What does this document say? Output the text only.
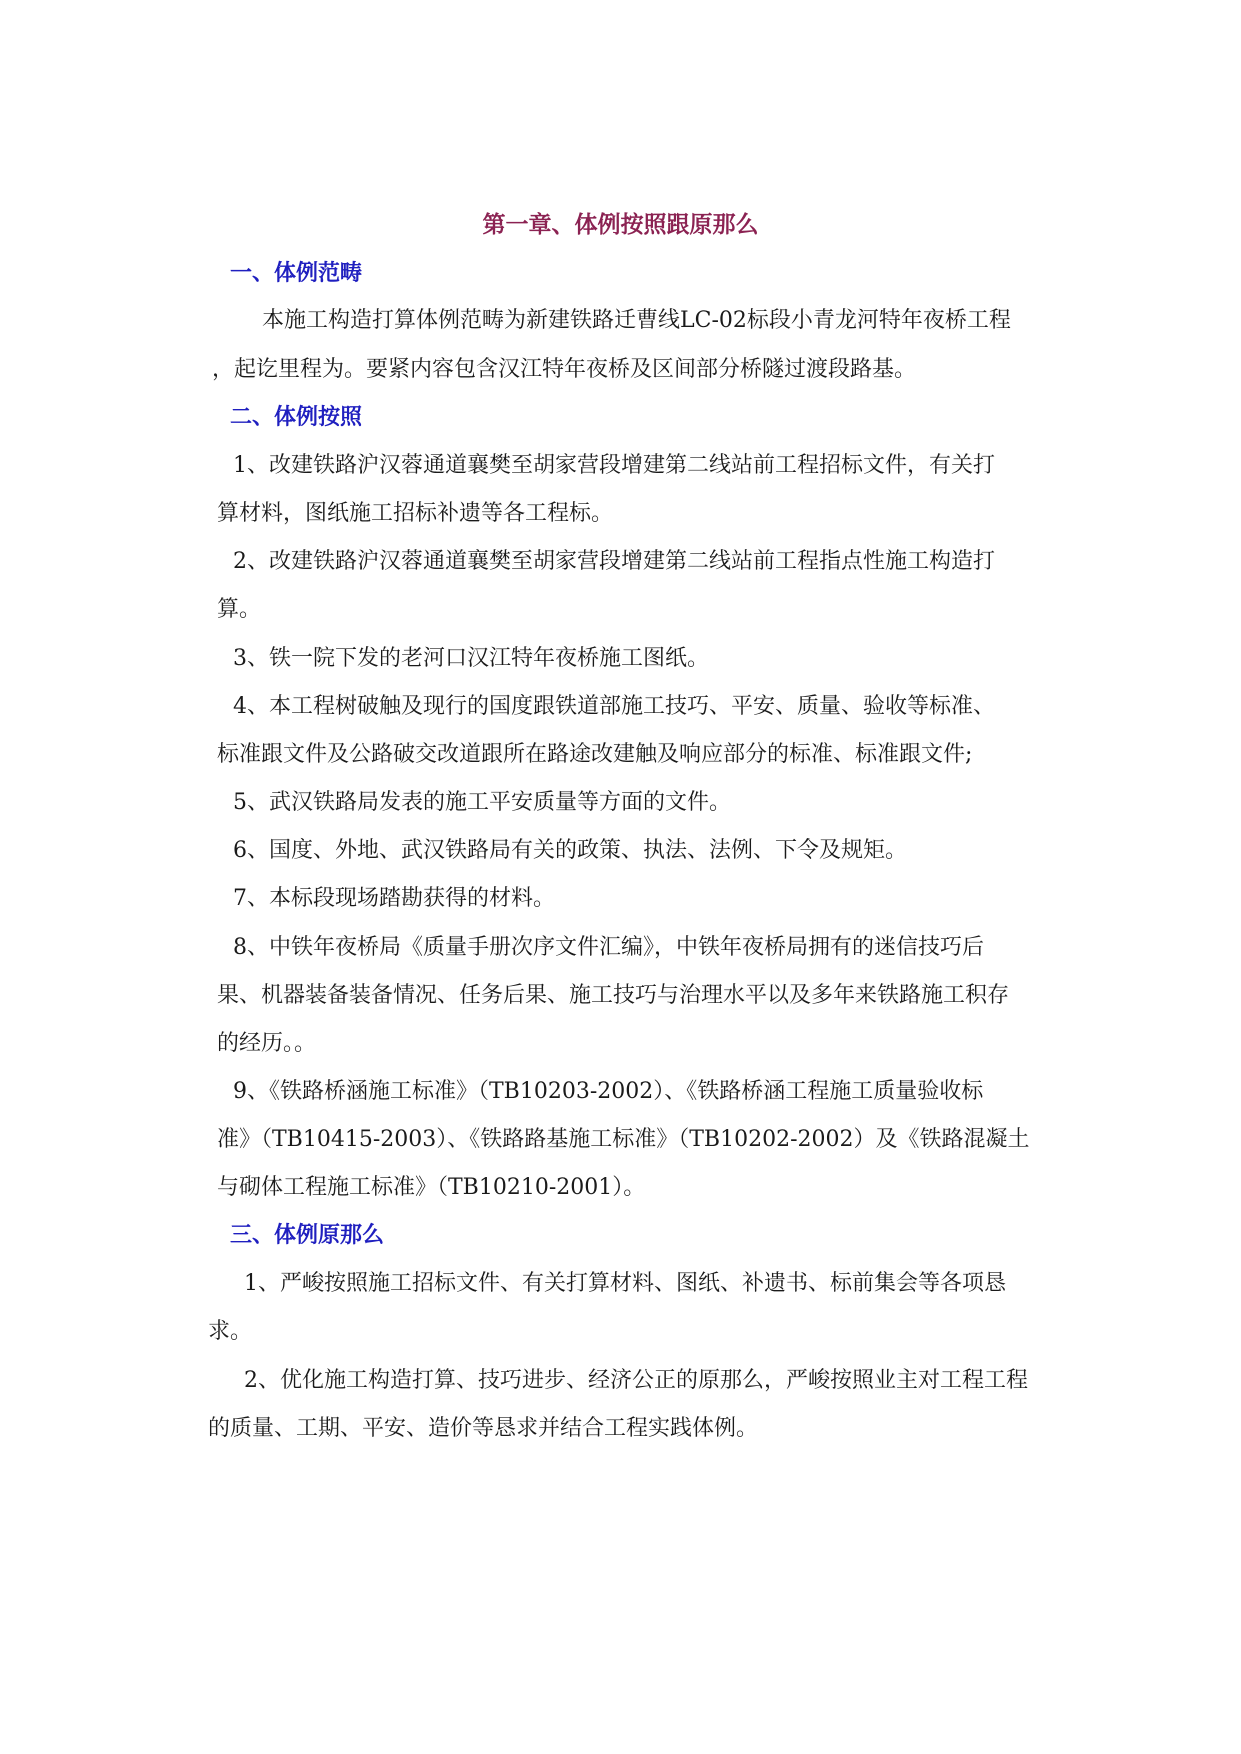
第一章、体例按照跟原那么
一、体例范畴
本施工构造打算体例范畴为新建铁路迁曹线LC-02标段小青龙河特年夜桥工程
，起讫里程为。要紧内容包含汉江特年夜桥及区间部分桥隧过渡段路基。
二、体例按照
1、改建铁路沪汉蓉通道襄樊至胡家营段增建第二线站前工程招标文件，有关打
算材料，图纸施工招标补遗等各工程标。
2、改建铁路沪汉蓉通道襄樊至胡家营段增建第二线站前工程指点性施工构造打
算。
3、铁一院下发的老河口汉江特年夜桥施工图纸。
4、本工程树破触及现行的国度跟铁道部施工技巧、平安、质量、验收等标准、
标准跟文件及公路破交改道跟所在路途改建触及响应部分的标准、标准跟文件;
5、武汉铁路局发表的施工平安质量等方面的文件。
6、国度、外地、武汉铁路局有关的政策、执法、法例、下令及规矩。
7、本标段现场踏勘获得的材料。
8、中铁年夜桥局《质量手册次序文件汇编》，中铁年夜桥局拥有的迷信技巧后
果、机器装备装备情况、任务后果、施工技巧与治理水平以及多年来铁路施工积存
的经历。。
9、《铁路桥涵施工标准》（TB10203-2002）、《铁路桥涵工程施工质量验收标
准》（TB10415-2003）、《铁路路基施工标准》（TB10202-2002）及《铁路混凝土
与砌体工程施工标准》（TB10210-2001）。
三、体例原那么
1、严峻按照施工招标文件、有关打算材料、图纸、补遗书、标前集会等各项恳
求。
2、优化施工构造打算、技巧进步、经济公正的原那么，严峻按照业主对工程工程
的质量、工期、平安、造价等恳求并结合工程实践体例。
